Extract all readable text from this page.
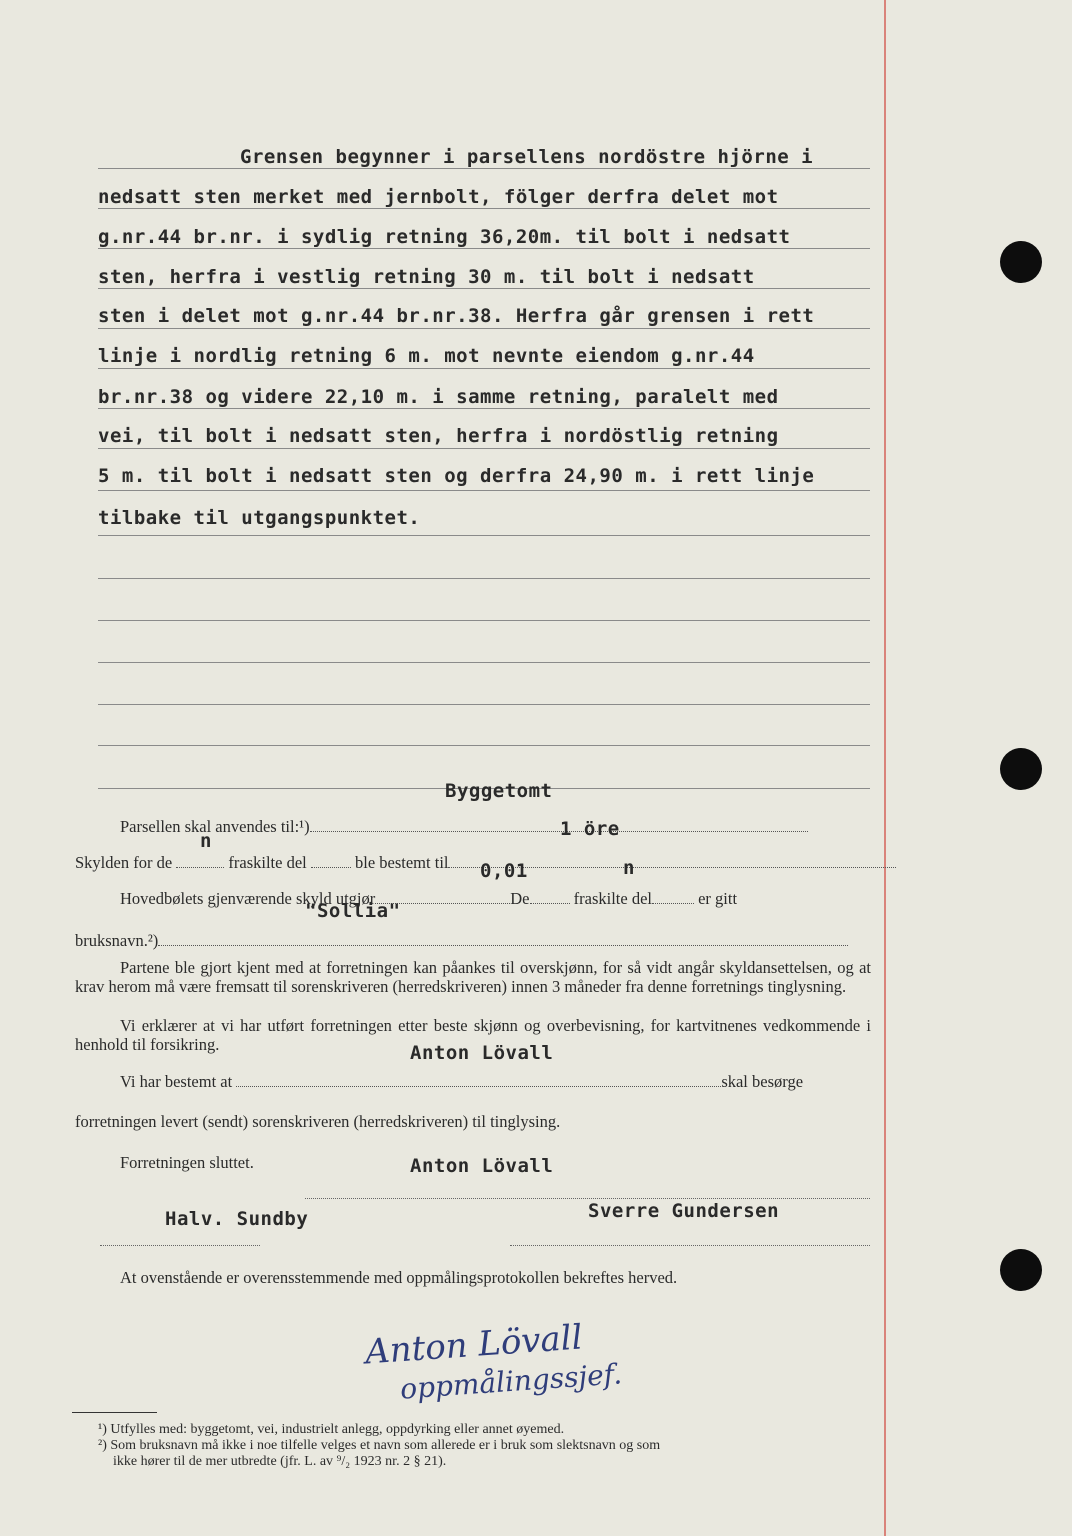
Grensen begynner i parsellens nordöstre hjörne i
nedsatt sten merket med jernbolt, fölger derfra delet mot
g.nr.44 br.nr. i sydlig retning 36,20m. til bolt i nedsatt
sten, herfra i vestlig retning 30 m. til bolt i nedsatt
sten i delet mot g.nr.44 br.nr.38. Herfra går grensen i rett
linje i nordlig retning 6 m. mot nevnte eiendom g.nr.44
br.nr.38 og videre 22,10 m. i samme retning, paralelt med
vei, til bolt i nedsatt sten, herfra i nordöstlig retning
5 m. til bolt i nedsatt sten og derfra 24,90 m. i rett linje
tilbake til utgangspunktet.
Byggetomt
Parsellen skal anvendes til:¹)	1 öre
n
Skylden for de	fraskilte del	ble bestemt til	0,01	n
Hovedbølets gjenværende skyld utgjør	De	fraskilte del	er gitt
"Sollia"
bruksnavn.²)
Partene ble gjort kjent med at forretningen kan påankes til overskjønn, for så vidt angår skyldansettelsen, og at krav herom må være fremsatt til sorenskriveren (herredskriveren) innen 3 måneder fra denne forretnings tinglysning.
Vi erklærer at vi har utført forretningen etter beste skjønn og overbevisning, for kartvitnenes vedkommende i henhold til forsikring.	Anton Lövall
Vi har bestemt at	skal besørge
forretningen levert (sendt) sorenskriveren (herredskriveren) til tinglysing.
Forretningen sluttet.	Anton Lövall
Halv. Sundby	Sverre Gundersen
At ovenstående er overensstemmende med oppmålingsprotokollen bekreftes herved.
Anton Lövall
oppmålingssjef.
¹) Utfylles med: byggetomt, vei, industrielt anlegg, oppdyrking eller annet øyemed.
²) Som bruksnavn må ikke i noe tilfelle velges et navn som allerede er i bruk som slektsnavn og som
ikke hører til de mer utbredte (jfr. L. av ⁹/₂ 1923 nr. 2 § 21).
